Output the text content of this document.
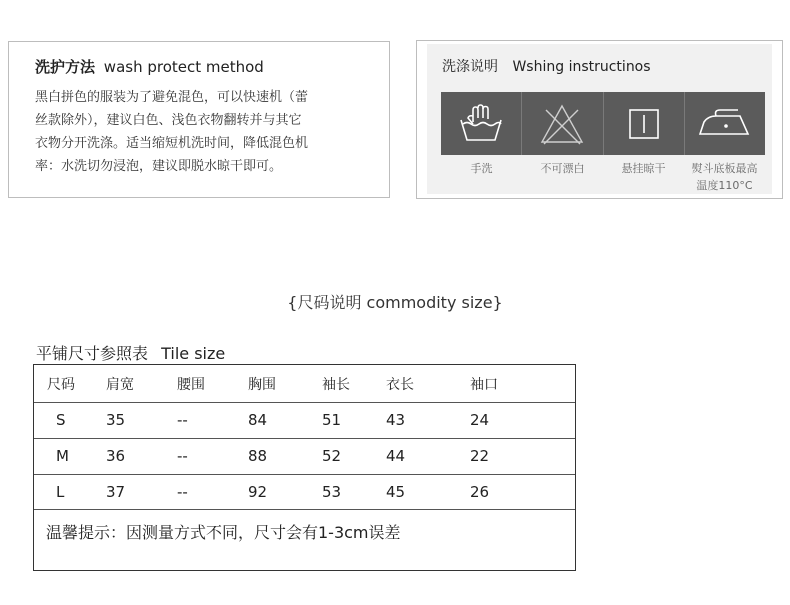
洗护方法 wash protect method
黑白拼色的服装为了避免混色，可以快速机（蕾
丝款除外），建议白色、浅色衣物翻转并与其它
衣物分开洗涤。适当缩短机洗时间，降低混色机
率：水洗切勿浸泡，建议即脱水晾干即可。
洗涤说明 Wshing instructinos
手洗	不可漂白	悬挂晾干	熨斗底板最高
温度110°C
{尺码说明 commodity size}
平铺尺寸参照表 Tile size
尺码 肩宽	腰围	胸围	袖长	衣长	袖口
S	35	--	84	51	43	24
M 36	--	88	52	44	22
L	37	--	92	53	45	26
温馨提示：因测量方式不同，尺寸会有1-3cm误差
